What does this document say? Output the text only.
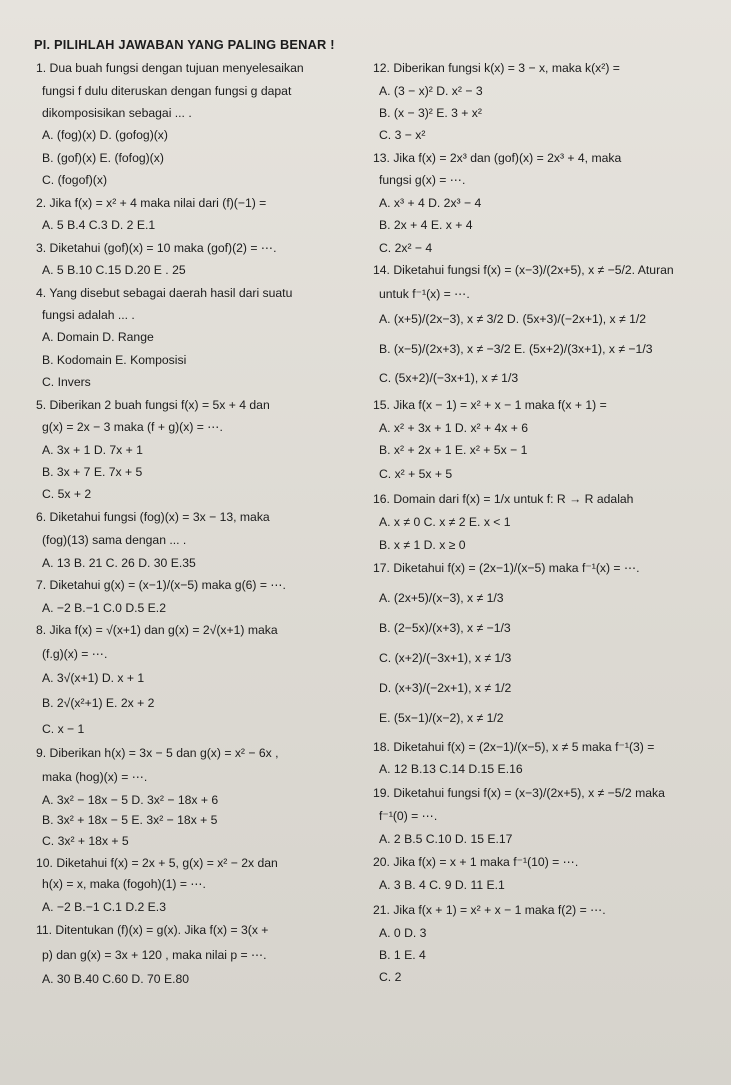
PI. PILIHLAH JAWABAN YANG PALING BENAR !
1. Dua buah fungsi dengan tujuan menyelesaikan
fungsi f dulu diteruskan dengan fungsi g dapat
dikomposisikan sebagai ... .
A. (fog)(x) D. (gofog)(x)
B. (gof)(x) E. (fofog)(x)
C. (fogof)(x)
2. Jika f(x) = x² + 4 maka nilai dari (f)(−1) =
A. 5 B.4 C.3 D. 2 E.1
3. Diketahui (gof)(x) = 10 maka (gof)(2) = ⋯.
A. 5 B.10 C.15 D.20 E . 25
4. Yang disebut sebagai daerah hasil dari suatu
fungsi adalah ... .
A. Domain D. Range
B. Kodomain E. Komposisi
C. Invers
5. Diberikan 2 buah fungsi f(x) = 5x + 4 dan
g(x) = 2x − 3 maka (f + g)(x) = ⋯.
A. 3x + 1 D. 7x + 1
B. 3x + 7 E. 7x + 5
C. 5x + 2
6. Diketahui fungsi (fog)(x) = 3x − 13, maka
(fog)(13) sama dengan ... .
A. 13 B. 21 C. 26 D. 30 E.35
7. Diketahui g(x) = (x−1)/(x−5) maka g(6) = ⋯.
A. −2 B.−1 C.0 D.5 E.2
8. Jika f(x) = √(x+1) dan g(x) = 2√(x+1) maka
(f.g)(x) = ⋯.
A. 3√(x+1) D. x + 1
B. 2√(x²+1) E. 2x + 2
C. x − 1
9. Diberikan h(x) = 3x − 5 dan g(x) = x² − 6x ,
maka (hog)(x) = ⋯.
A. 3x² − 18x − 5 D. 3x² − 18x + 6
B. 3x² + 18x − 5 E. 3x² − 18x + 5
C. 3x² + 18x + 5
10. Diketahui f(x) = 2x + 5, g(x) = x² − 2x dan
h(x) = x, maka (fogoh)(1) = ⋯.
A. −2 B.−1 C.1 D.2 E.3
11. Ditentukan (f)(x) = g(x). Jika f(x) = 3(x +
p) dan g(x) = 3x + 120 , maka nilai p = ⋯.
A. 30 B.40 C.60 D. 70 E.80
12. Diberikan fungsi k(x) = 3 − x, maka k(x²) =
A. (3 − x)² D. x² − 3
B. (x − 3)² E. 3 + x²
C. 3 − x²
13. Jika f(x) = 2x³ dan (gof)(x) = 2x³ + 4, maka
fungsi g(x) = ⋯.
A. x³ + 4 D. 2x³ − 4
B. 2x + 4 E. x + 4
C. 2x² − 4
14. Diketahui fungsi f(x) = (x−3)/(2x+5), x ≠ −5/2. Aturan
untuk f⁻¹(x) = ⋯.
A. (x+5)/(2x−3), x ≠ 3/2 D. (5x+3)/(−2x+1), x ≠ 1/2
B. (x−5)/(2x+3), x ≠ −3/2 E. (5x+2)/(3x+1), x ≠ −1/3
C. (5x+2)/(−3x+1), x ≠ 1/3
15. Jika f(x − 1) = x² + x − 1 maka f(x + 1) =
A. x² + 3x + 1 D. x² + 4x + 6
B. x² + 2x + 1 E. x² + 5x − 1
C. x² + 5x + 5
16. Domain dari f(x) = 1/x untuk f: R → R adalah
A. x ≠ 0 C. x ≠ 2 E. x < 1
B. x ≠ 1 D. x ≥ 0
17. Diketahui f(x) = (2x−1)/(x−5) maka f⁻¹(x) = ⋯.
A. (2x+5)/(x−3), x ≠ 1/3
B. (2−5x)/(x+3), x ≠ −1/3
C. (x+2)/(−3x+1), x ≠ 1/3
D. (x+3)/(−2x+1), x ≠ 1/2
E. (5x−1)/(x−2), x ≠ 1/2
18. Diketahui f(x) = (2x−1)/(x−5), x ≠ 5 maka f⁻¹(3) =
A. 12 B.13 C.14 D.15 E.16
19. Diketahui fungsi f(x) = (x−3)/(2x+5), x ≠ −5/2 maka
f⁻¹(0) = ⋯.
A. 2 B.5 C.10 D. 15 E.17
20. Jika f(x) = x + 1 maka f⁻¹(10) = ⋯.
A. 3 B. 4 C. 9 D. 11 E.1
21. Jika f(x + 1) = x² + x − 1 maka f(2) = ⋯.
A. 0 D. 3
B. 1 E. 4
C. 2
